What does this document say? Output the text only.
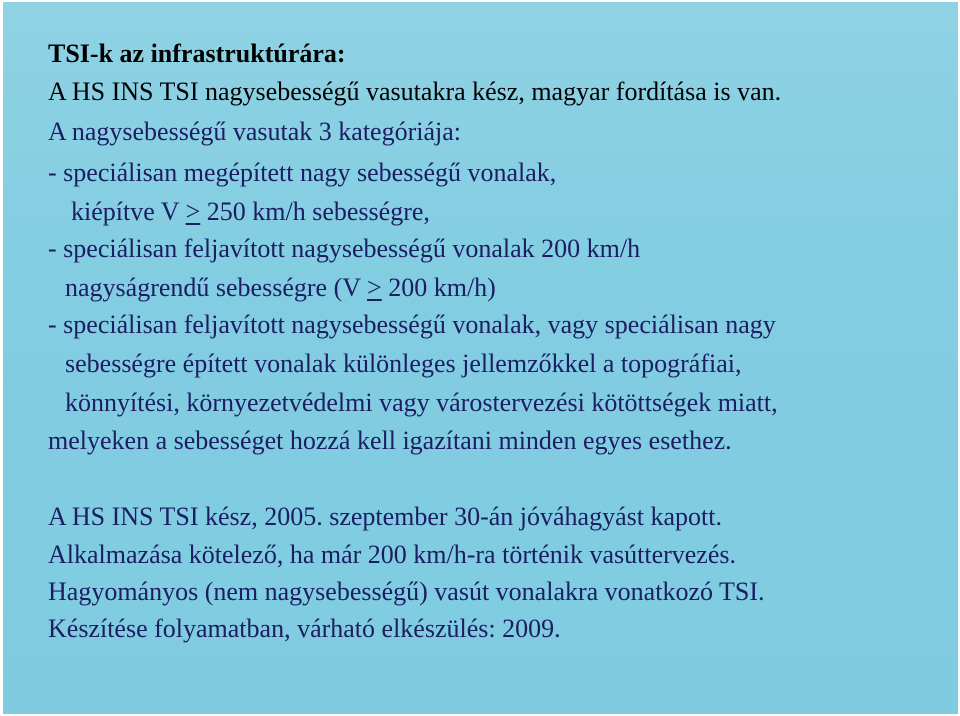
TSI-k az infrastruktúrára:
A HS INS TSI nagysebességű vasutakra kész, magyar fordítása is van.
A nagysebességű vasutak 3 kategóriája:
- speciálisan megépített nagy sebességű vonalak,
kiépítve V ≥ 250 km/h sebességre,
- speciálisan feljavított nagysebességű vonalak 200 km/h
nagyságrendű sebességre (V ≥ 200 km/h)
- speciálisan feljavított nagysebességű vonalak, vagy speciálisan nagy
sebességre épített vonalak különleges jellemzőkkel a topográfiai,
könnyítési, környezetvédelmi vagy várostervezési kötöttségek miatt,
melyeken a sebességet hozzá kell igazítani minden egyes esethez.
A HS INS TSI kész, 2005. szeptember 30-án jóváhagyást kapott.
Alkalmazása kötelező, ha már 200 km/h-ra történik vasúttervezés.
Hagyományos (nem nagysebességű) vasút vonalakra vonatkozó TSI.
Készítése folyamatban, várható elkészülés: 2009.
